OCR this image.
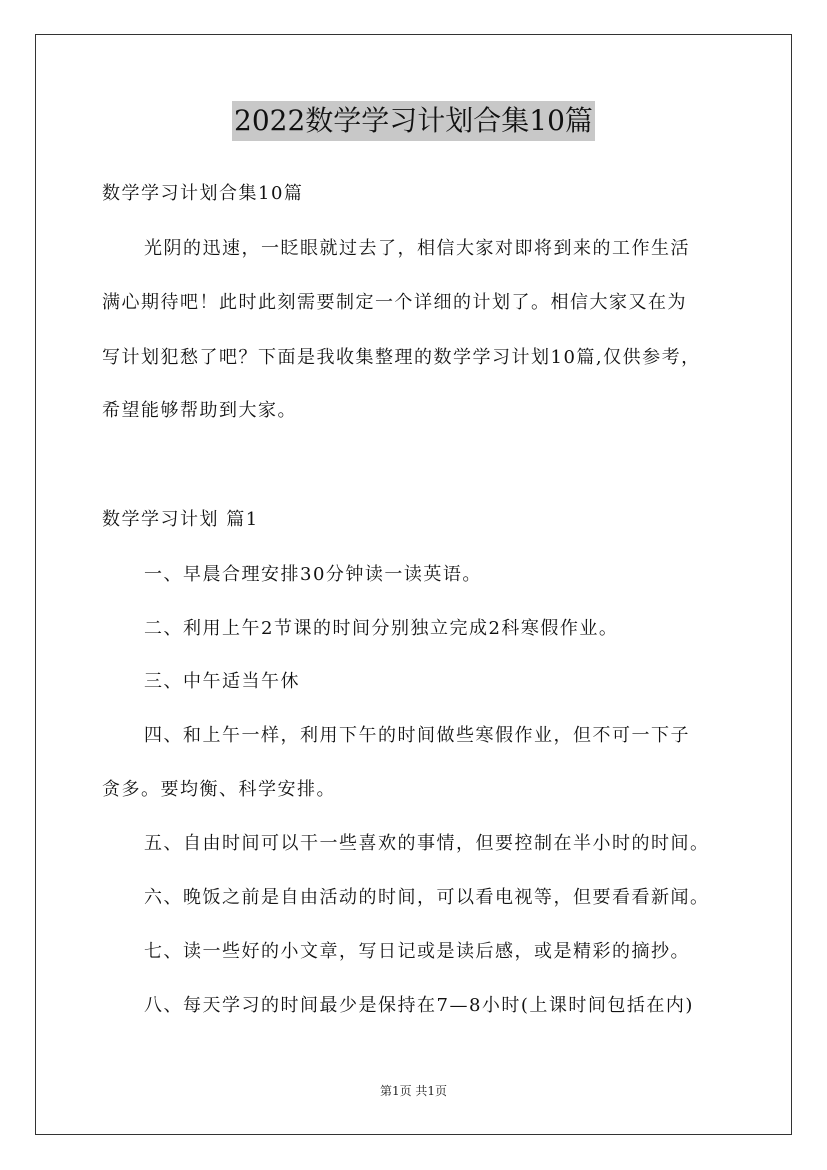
2022数学学习计划合集10篇
数学学习计划合集10篇
光阴的迅速，一眨眼就过去了，相信大家对即将到来的工作生活
满心期待吧！此时此刻需要制定一个详细的计划了。相信大家又在为
写计划犯愁了吧？下面是我收集整理的数学学习计划10篇,仅供参考，
希望能够帮助到大家。
数学学习计划 篇1
一、早晨合理安排30分钟读一读英语。
二、利用上午2节课的时间分别独立完成2科寒假作业。
三、中午适当午休
四、和上午一样，利用下午的时间做些寒假作业，但不可一下子
贪多。要均衡、科学安排。
五、自由时间可以干一些喜欢的事情，但要控制在半小时的时间。
六、晚饭之前是自由活动的时间，可以看电视等，但要看看新闻。
七、读一些好的小文章，写日记或是读后感，或是精彩的摘抄。
八、每天学习的时间最少是保持在7—8小时(上课时间包括在内)
第1页 共1页
